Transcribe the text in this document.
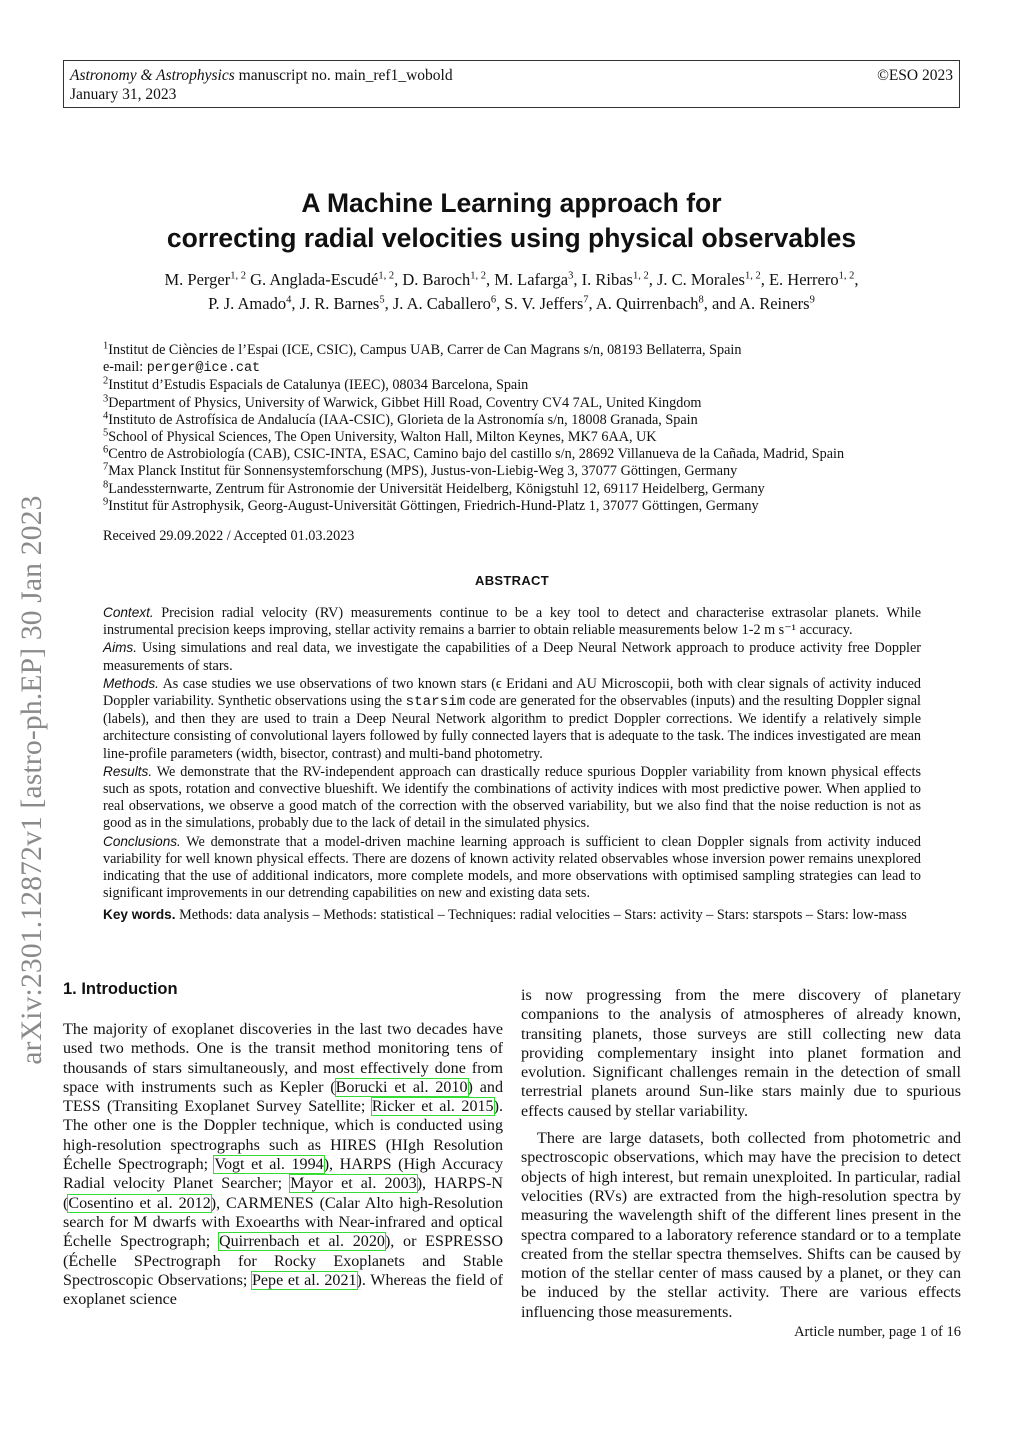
Astronomy & Astrophysics manuscript no. main_ref1_wobold
January 31, 2023
©ESO 2023
arXiv:2301.12872v1 [astro-ph.EP] 30 Jan 2023
A Machine Learning approach for
correcting radial velocities using physical observables
M. Perger$^{1, 2}$ G. Anglada-Escudé$^{1, 2}$, D. Baroch$^{1, 2}$, M. Lafarga$^3$, I. Ribas$^{1, 2}$, J. C. Morales$^{1, 2}$, E. Herrero$^{1, 2}$,
P. J. Amado$^4$, J. R. Barnes$^5$, J. A. Caballero$^6$, S. V. Jeffers$^7$, A. Quirrenbach$^8$, and A. Reiners$^9$
$^1$Institut de Ciències de l’Espai (ICE, CSIC), Campus UAB, Carrer de Can Magrans s/n, 08193 Bellaterra, Spain
e-mail: perger@ice.cat
$^2$Institut d’Estudis Espacials de Catalunya (IEEC), 08034 Barcelona, Spain
$^3$Department of Physics, University of Warwick, Gibbet Hill Road, Coventry CV4 7AL, United Kingdom
$^4$Instituto de Astrofísica de Andalucía (IAA-CSIC), Glorieta de la Astronomía s/n, 18008 Granada, Spain
$^5$School of Physical Sciences, The Open University, Walton Hall, Milton Keynes, MK7 6AA, UK
$^6$Centro de Astrobiología (CAB), CSIC-INTA, ESAC, Camino bajo del castillo s/n, 28692 Villanueva de la Cañada, Madrid, Spain
$^7$Max Planck Institut für Sonnensystemforschung (MPS), Justus-von-Liebig-Weg 3, 37077 Göttingen, Germany
$^8$Landessternwarte, Zentrum für Astronomie der Universität Heidelberg, Königstuhl 12, 69117 Heidelberg, Germany
$^9$Institut für Astrophysik, Georg-August-Universität Göttingen, Friedrich-Hund-Platz 1, 37077 Göttingen, Germany
Received 29.09.2022 / Accepted 01.03.2023
ABSTRACT

Context. Precision radial velocity (RV) measurements continue to be a key tool to detect and characterise extrasolar planets. While instrumental precision keeps improving, stellar activity remains a barrier to obtain reliable measurements below 1-2 m s⁻¹ accuracy.

Aims. Using simulations and real data, we investigate the capabilities of a Deep Neural Network approach to produce activity free Doppler measurements of stars.

Methods. As case studies we use observations of two known stars (ϵ Eridani and AU Microscopii, both with clear signals of activity induced Doppler variability. Synthetic observations using the starsim code are generated for the observables (inputs) and the resulting Doppler signal (labels), and then they are used to train a Deep Neural Network algorithm to predict Doppler corrections. We identify a relatively simple architecture consisting of convolutional layers followed by fully connected layers that is adequate to the task. The indices investigated are mean line-profile parameters (width, bisector, contrast) and multi-band photometry.

Results. We demonstrate that the RV-independent approach can drastically reduce spurious Doppler variability from known physical effects such as spots, rotation and convective blueshift. We identify the combinations of activity indices with most predictive power. When applied to real observations, we observe a good match of the correction with the observed variability, but we also find that the noise reduction is not as good as in the simulations, probably due to the lack of detail in the simulated physics.

Conclusions. We demonstrate that a model-driven machine learning approach is sufficient to clean Doppler signals from activity induced variability for well known physical effects. There are dozens of known activity related observables whose inversion power remains unexplored indicating that the use of additional indicators, more complete models, and more observations with optimised sampling strategies can lead to significant improvements in our detrending capabilities on new and existing data sets.

Key words. Methods: data analysis – Methods: statistical – Techniques: radial velocities – Stars: activity – Stars: starspots – Stars: low-mass
1. Introduction

The majority of exoplanet discoveries in the last two decades have used two methods. One is the transit method monitoring tens of thousands of stars simultaneously, and most effectively done from space with instruments such as Kepler (Borucki et al. 2010) and TESS (Transiting Exoplanet Survey Satellite; Ricker et al. 2015). The other one is the Doppler technique, which is conducted using high-resolution spectrographs such as HIRES (HIgh Resolution Échelle Spectrograph; Vogt et al. 1994), HARPS (High Accuracy Radial velocity Planet Searcher; Mayor et al. 2003), HARPS-N (Cosentino et al. 2012), CARMENES (Calar Alto high-Resolution search for M dwarfs with Exoearths with Near-infrared and optical Échelle Spectrograph; Quirrenbach et al. 2020), or ESPRESSO (Échelle SPectrograph for Rocky Exoplanets and Stable Spectroscopic Observations; Pepe et al. 2021). Whereas the field of exoplanet science

is now progressing from the mere discovery of planetary companions to the analysis of atmospheres of already known, transiting planets, those surveys are still collecting new data providing complementary insight into planet formation and evolution. Significant challenges remain in the detection of small terrestrial planets around Sun-like stars mainly due to spurious effects caused by stellar variability.

There are large datasets, both collected from photometric and spectroscopic observations, which may have the precision to detect objects of high interest, but remain unexploited. In particular, radial velocities (RVs) are extracted from the high-resolution spectra by measuring the wavelength shift of the different lines present in the spectra compared to a laboratory reference standard or to a template created from the stellar spectra themselves. Shifts can be caused by motion of the stellar center of mass caused by a planet, or they can be induced by the stellar activity. There are various effects influencing those measurements.

Article number, page 1 of 16
